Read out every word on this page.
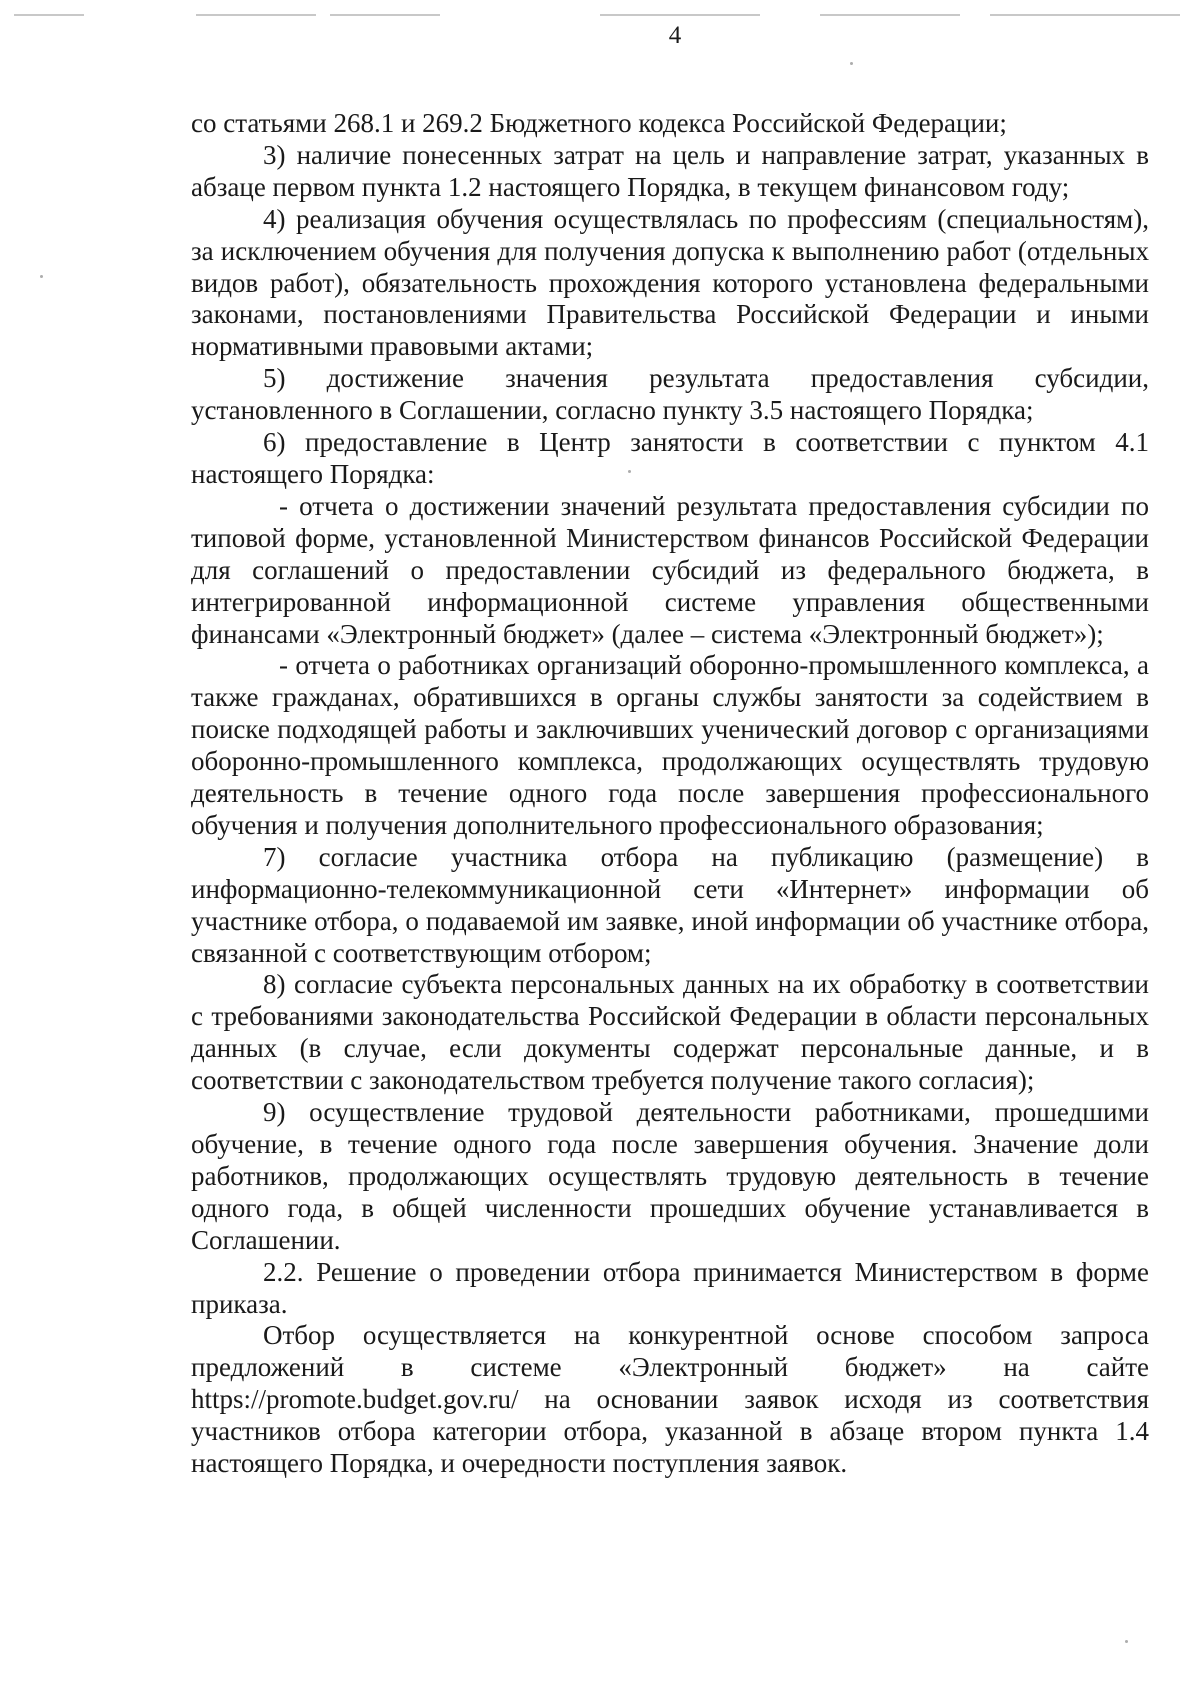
4

со статьями 268.1 и 269.2 Бюджетного кодекса Российской Федерации;

3) наличие понесенных затрат на цель и направление затрат, указанных в абзаце первом пункта 1.2 настоящего Порядка, в текущем финансовом году;

4) реализация обучения осуществлялась по профессиям (специальностям), за исключением обучения для получения допуска к выполнению работ (отдельных видов работ), обязательность прохождения которого установлена федеральными законами, постановлениями Правительства Российской Федерации и иными нормативными правовыми актами;

5) достижение значения результата предоставления субсидии, установленного в Соглашении, согласно пункту 3.5 настоящего Порядка;

6) предоставление в Центр занятости в соответствии с пунктом 4.1 настоящего Порядка:

- отчета о достижении значений результата предоставления субсидии по типовой форме, установленной Министерством финансов Российской Федерации для соглашений о предоставлении субсидий из федерального бюджета, в интегрированной информационной системе управления общественными финансами «Электронный бюджет» (далее – система «Электронный бюджет»);

- отчета о работниках организаций оборонно-промышленного комплекса, а также гражданах, обратившихся в органы службы занятости за содействием в поиске подходящей работы и заключивших ученический договор с организациями оборонно-промышленного комплекса, продолжающих осуществлять трудовую деятельность в течение одного года после завершения профессионального обучения и получения дополнительного профессионального образования;

7) согласие участника отбора на публикацию (размещение) в информационно-телекоммуникационной сети «Интернет» информации об участнике отбора, о подаваемой им заявке, иной информации об участнике отбора, связанной с соответствующим отбором;

8) согласие субъекта персональных данных на их обработку в соответствии с требованиями законодательства Российской Федерации в области персональных данных (в случае, если документы содержат персональные данные, и в соответствии с законодательством требуется получение такого согласия);

9) осуществление трудовой деятельности работниками, прошедшими обучение, в течение одного года после завершения обучения. Значение доли работников, продолжающих осуществлять трудовую деятельность в течение одного года, в общей численности прошедших обучение устанавливается в Соглашении.

2.2. Решение о проведении отбора принимается Министерством в форме приказа.

Отбор осуществляется на конкурентной основе способом запроса предложений в системе «Электронный бюджет» на сайте https://promote.budget.gov.ru/ на основании заявок исходя из соответствия участников отбора категории отбора, указанной в абзаце втором пункта 1.4 настоящего Порядка, и очередности поступления заявок.
